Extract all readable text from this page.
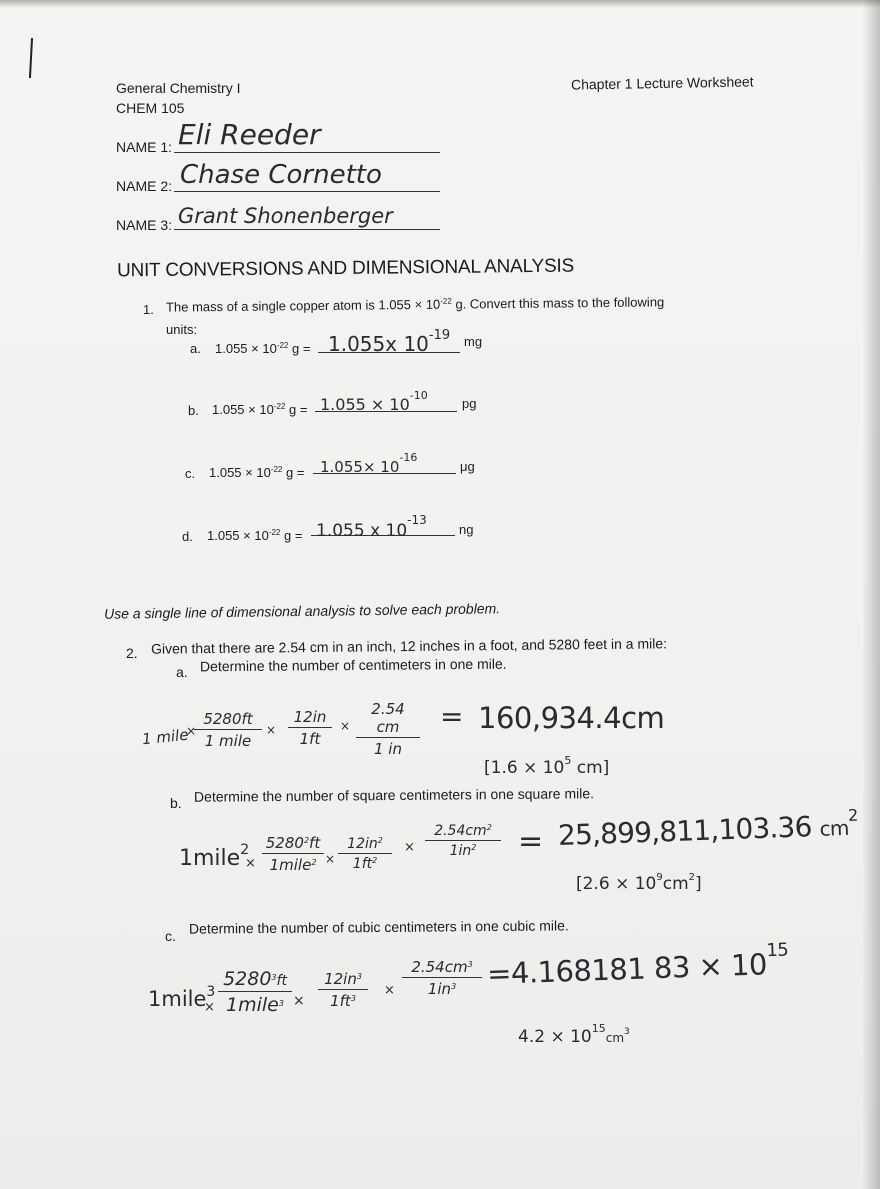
General Chemistry I
CHEM 105
Chapter 1 Lecture Worksheet
NAME 1: Eli Reeder
NAME 2: Chase Cornetto
NAME 3: Grant Shonenberger
UNIT CONVERSIONS AND DIMENSIONAL ANALYSIS
1. The mass of a single copper atom is $1.055 \times 10^{-22}$ g. Convert this mass to the following
units:
a. $1.055 \times 10^{-22}$ g = 1.055x $10^{-19}$ mg
b. $1.055 \times 10^{-22}$ $g = 1.055 \times 10^{-10}$
pg
c. $1.055 \times 10^{-22}$ $g = 1.055\times 10^{-16}$
μg
d. $1.055 \times 10^{-22}$ g = 1.055 x $10^{-13}$
ng
Use a single line of dimensional analysis to solve each problem.
2. Given that there are 2.54 cm in an inch, 12 inches in a foot, and 5280 feet in a mile:
a. Determine the number of centimeters in one mile.
1 mile
×
5280ft
1 mile
× $\frac{12in}{1ft} \times \frac{2.54 cm}{1 in} = 160,934.4cm$
[$1.6 \times 10^5$ cm]
b. Determine the number of square centimeters in one square mile.
1mile$^2$
×
$5280^2ft$
1mile$^2$ × $\frac{12in^2}{1ft^2} \times \frac{2.54cm^2}{1in^2} = 25,899,811,103.36$ $cm^2$
$[2.6 \times 10^9cm^2]$
c. Determine the number of cubic centimeters in one cubic mile.
1mile$^3$
×
$5280^3ft$
1mile$^3$ × $\frac{12in^3}{1ft^3} \times \frac{2.54cm^3}{1in^3} =4.168181$ $83 \times 10^{15}$
$4.2 \times 10^{15}cm^3$
